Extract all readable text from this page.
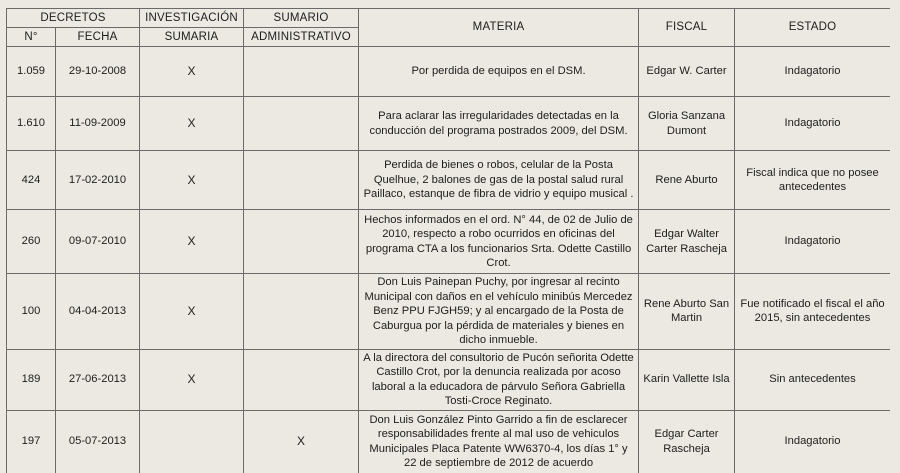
DECRETOS		INVESTIGACIÓN	SUMARIO	MATERIA	FISCAL	ESTADO
N°	FECHA	SUMARIA	ADMINISTRATIVO			
1.059	29-10-2008	X		Por perdida de equipos en el DSM.	Edgar W. Carter	Indagatorio
1.610	11-09-2009	X		Para aclarar las irregularidades detectadas en la conducción del programa postrados 2009, del DSM.	Gloria Sanzana Dumont	Indagatorio
424	17-02-2010	X		Perdida de bienes o robos, celular de la Posta Quelhue, 2 balones de gas de la postal salud rural Paillaco, estanque de fibra de vidrio y equipo musical .	Rene Aburto	Fiscal indica que no posee antecedentes
260	09-07-2010	X		Hechos informados en el ord. N° 44, de 02 de Julio de 2010, respecto a robo ocurridos en oficinas del programa CTA a los funcionarios Srta. Odette Castillo Crot.	Edgar Walter Carter Rascheja	Indagatorio
100	04-04-2013	X		Don Luis Painepan Puchy, por ingresar al recinto Municipal con daños en el vehículo minibús Mercedez Benz PPU FJGH59; y al encargado de la Posta de Caburgua por la pérdida de materiales y bienes en dicho inmueble.	Rene Aburto San Martin	Fue notificado el fiscal el año 2015, sin antecedentes
189	27-06-2013	X		A la directora del consultorio de Pucón señorita Odette Castillo Crot, por la denuncia realizada por acoso laboral a la educadora de párvulo Señora Gabriella Tosti-Croce Reginato.	Karin Vallette Isla	Sin antecedentes
197	05-07-2013		X	Don Luis González Pinto Garrido a fin de esclarecer responsabilidades frente al mal uso de vehiculos Municipales Placa Patente WW6370-4, los días 1° y 22 de septiembre de 2012 de acuerdo	Edgar Carter Rascheja	Indagatorio
